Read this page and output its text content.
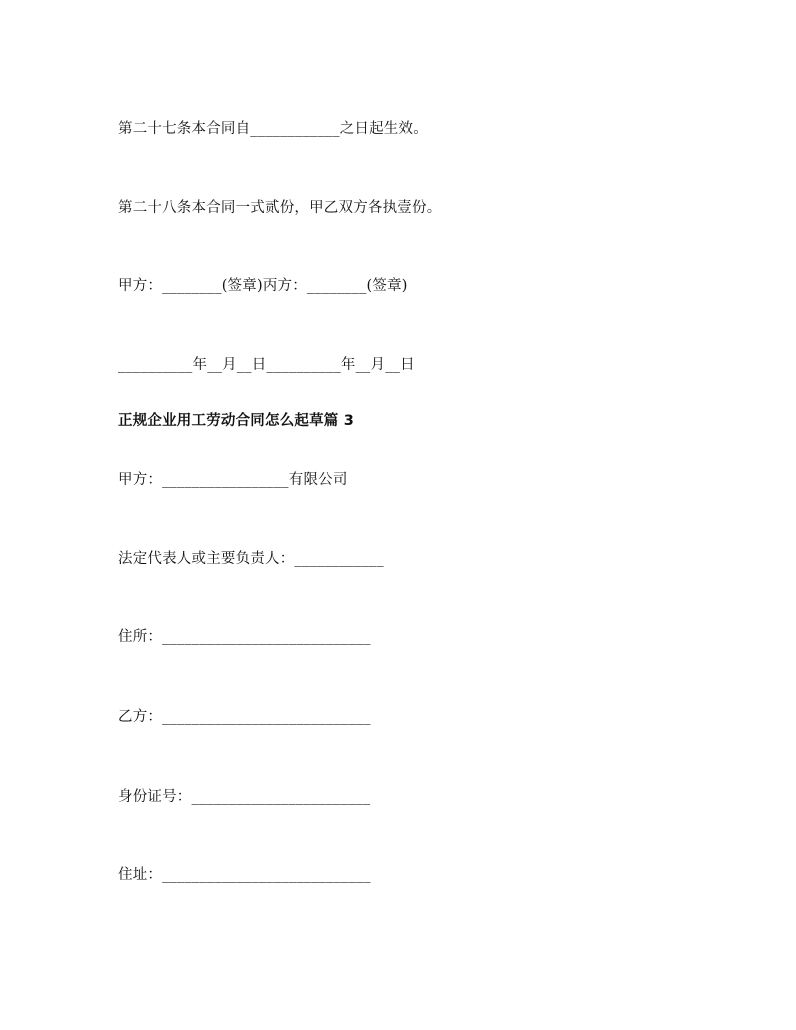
第二十七条本合同自____________之日起生效。
第二十八条本合同一式贰份，甲乙双方各执壹份。
甲方：________(签章)丙方：________(签章)
__________年__月__日__________年__月__日
正规企业用工劳动合同怎么起草篇 3
甲方：_________________有限公司
法定代表人或主要负责人：____________
住所：____________________________
乙方：____________________________
身份证号：________________________
住址：____________________________
